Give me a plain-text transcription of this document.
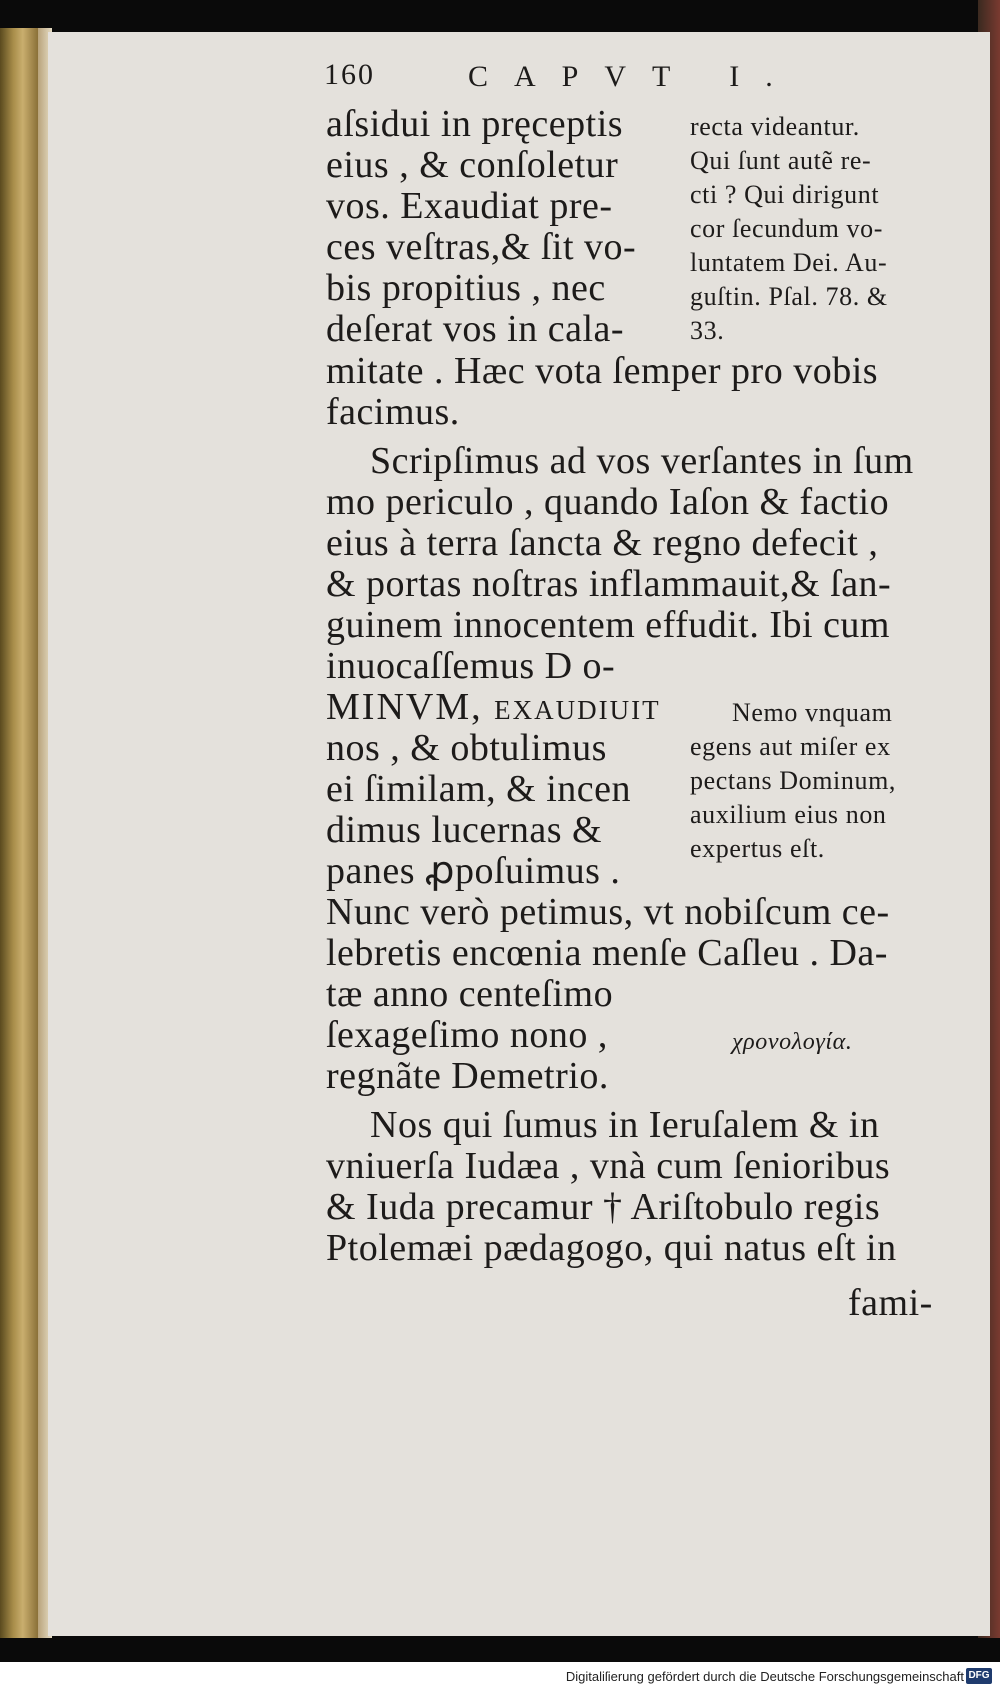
160	CAPVT I.
aſsidui in pręceptis
eius , & conſoletur
vos. Exaudiat pre-
ces veſtras,& ſit vo-
bis propitius , nec
deſerat vos in cala-
mitate . Hæc vota ſemper pro vobis
facimus.
Scripſimus ad vos verſantes in ſum
mo periculo , quando Iaſon & factio
eius à terra ſancta & regno defecit ,
& portas noſtras inflammauit,& ſan-
guinem innocentem effudit. Ibi cum
inuocaſſemus D o-
MINVM, exaudiuit
nos , & obtulimus
ei ſimilam, & incen
dimus lucernas &
panes ꝓpoſuimus .
Nunc verò petimus, vt nobiſcum ce-
lebretis encœnia menſe Caſleu . Da-
tæ anno centeſimo
ſexageſimo nono ,
regnãte Demetrio.
Nos qui ſumus in Ieruſalem & in
vniuerſa Iudæa , vnà cum ſenioribus
& Iuda precamur † Ariſtobulo regis
Ptolemæi pædagogo, qui natus eſt in
fami-
recta videantur.
Qui ſunt autẽ re-
cti ? Qui dirigunt
cor ſecundum vo-
luntatem Dei. Au-
guſtin. Pſal. 78. &
33.
Nemo vnquam
egens aut miſer ex
pectans Dominum,
auxilium eius non
expertus eſt.
χρονολογία.
Digitaliſierung gefördert durch die Deutsche Forschungsgemeinschaft DFG
